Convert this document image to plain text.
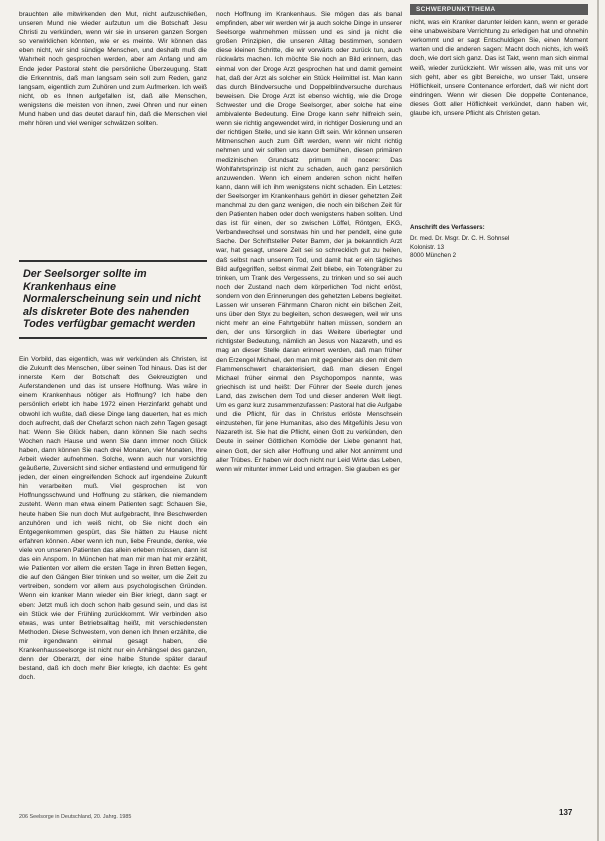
brauchten alle mitwirkenden den Mut, nicht aufzuschließen, unseren Mund nie wieder aufzutun um die Botschaft Jesu Christi zu verkünden, wenn wir sie in unseren ganzen Sorgen so verwirklichen könnten, wie er es meinte. Wir können das eben nicht, wir sind sündige Menschen, und deshalb muß die Wahrheit noch gesprochen werden, aber am Anfang und am Ende jeder Pastoral steht die persönliche Überzeugung. Statt die Erkenntnis, daß man langsam sein soll zum Reden, ganz langsam, eigentlich zum Zuhören und zum Aufmerken. Ich weiß nicht, ob es Ihnen aufgefallen ist, daß alle Menschen, wenigstens die meisten von ihnen, zwei Ohren und nur einen Mund haben und das deutet darauf hin, daß die Menschen viel mehr hören und viel weniger schwätzen sollten.
Der Seelsorger sollte im Krankenhaus eine Normalerscheinung sein und nicht als diskreter Bote des nahenden Todes verfügbar gemacht werden
Ein Vorbild, das eigentlich, was wir verkünden als Christen, ist die Zukunft des Menschen, über seinen Tod hinaus. Das ist der innerste Kern der Botschaft des Gekreuzigten und Auferstandenen und das ist unsere Hoffnung. Was wäre in einem Krankenhaus nötiger als Hoffnung? Ich habe den persönlich erlebt ich habe 1972 einen Herzinfarkt gehabt und obwohl ich wußte, daß diese Dinge lang dauerten, hat es mich doch aufrecht, daß der Chefarzt schon nach zehn Tagen gesagt hat: Wenn Sie Glück haben, dann können Sie nach sechs Wochen nach Hause und wenn Sie dann immer noch Glück haben, dann können Sie nach drei Monaten, vier Monaten, Ihre Arbeit wieder aufnehmen. Solche, wenn auch nur vorsichtig geäußerte, Zuversicht sind sicher entlastend und ermutigend für jeden, der einen eingreifenden Schock auf irgendeine Zukunft hin verarbeiten muß. Viel gesprochen ist von Hoffnungsschwund und Hoffnung zu stärken, die niemandem zusteht. Wenn man etwa einem Patienten sagt: Schauen Sie, heute haben Sie nun doch Mut aufgebracht, Ihre Beschwerden anzuhören und ich weiß nicht, ob Sie nicht doch ein Entgegenkommen gespürt, das Sie hätten zu Hause nicht erfahren können. Aber wenn ich nun, liebe Freunde, denke, wie viele von unseren Patienten das allein erleben müssen, dann ist das ein Ansporn. In München hat man mir man hat mir erzählt, wie Patienten vor allem die ersten Tage in ihren Betten liegen, die auf den Gängen Bier trinken und so weiter, um die Zeit zu vertreiben, sondern vor allem aus psychologischen Gründen. Wenn ein kranker Mann wieder ein Bier kriegt, dann sagt er eben: Jetzt muß ich doch schon halb gesund sein, und das ist ein Stück wie der Frühling zurückkommt. Wir verbinden also etwas, was unter Betriebsalltag heißt, mit verschiedensten Methoden. Diese Schwestern, von denen ich Ihnen erzählte, die mir irgendwann einmal gesagt haben, die Krankenhausseelsorge ist nicht nur ein Anhängsel des ganzen, denn der Oberarzt, der eine halbe Stunde später darauf bestand, daß ich doch mehr Bier kriegte, ich dachte: Es geht doch.
noch Hoffnung im Krankenhaus. Sie mögen das als banal empfinden, aber wir werden wir ja auch solche Dinge in unserer Seelsorge wahrnehmen müssen und es sind ja nicht die großen Prinzipien, die unseren Alltag bestimmen, sondern diese kleinen Schritte, die wir vorwärts oder zurück tun, auch rückwärts machen. Ich möchte Sie noch an Bild erinnern, das einmal von der Droge Arzt gesprochen hat und damit gemeint hat, daß der Arzt als solcher ein Stück Heilmittel ist. Man kann das durch Blindversuche und Doppelblindversuche durchaus beweisen. Die Droge Arzt ist ebenso wichtig, wie die Droge Schwester und die Droge Seelsorger, aber solche hat eine ambivalente Bedeutung. Eine Droge kann sehr hilfreich sein, wenn sie richtig angewendet wird, in richtiger Dosierung und an der richtigen Stelle, und sie kann Gift sein. Wir können unseren Mitmenschen auch zum Gift werden, wenn wir nicht richtig nehmen und wir sollten uns davor bemühen, diesen primären medizinischen Grundsatz primum nil nocere: Das Wohlfahrtsprinzip ist nicht zu schaden, auch ganz persönlich anzuwenden. Wenn ich einem anderen schon nicht helfen kann, dann will ich ihm wenigstens nicht schaden. Ein Letztes: der Seelsorger im Krankenhaus gehört in dieser gehetzten Zeit manchmal zu den ganz wenigen, die noch ein bißchen Zeit für den Patienten haben oder doch wenigstens haben sollten. Und das ist für einen, der so zwischen Löffel, Röntgen, EKG, Verbandwechsel und sonstwas hin und her pendelt, eine gute Sache. Der Schriftsteller Peter Bamm, der ja bekanntlich Arzt war, hat gesagt, unsere Zeit sei so schrecklich gut zu heilen, daß selbst nach unserem Tod, und damit hat er ein tägliches Bild aufgegriffen, selbst einmal Zeit bliebe, ein Totengräber zu trinken, um Trank des Vergessens, zu trinken und so sei auch noch der Zustand nach dem körperlichen Tod nicht erlöst, sondern von den Erinnerungen des gehetzten Lebens begleitet. Lassen wir unseren Fährmann Charon nicht ein bißchen Zeit, uns über den Styx zu begleiten, schon deswegen, weil wir uns nicht mehr an eine Fahrtgebühr halten müssen, sondern an den, der uns fürsorglich in das Weitere überlegter und richtigster Bedeutung, nämlich an Jesus von Nazareth, und es mag an dieser Stelle daran erinnert werden, daß man früher den Erzengel Michael, den man mit gegenüber als den mit dem Flammenschwert charakterisiert, daß man diesen Engel Michael früher einmal den Psychopompos nannte, was griechisch ist und heißt: Der Führer der Seele durch jenes Land, das zwischen dem Tod und dieser anderen Welt liegt. Um es ganz kurz zusammenzufassen: Pastoral hat die Aufgabe und die Pflicht, für das in Christus erlöste Menschsein einzustehen, für jene Humanitas, also des Mitgefühls Jesu von Nazareth ist. Sie hat die Pflicht, einen Gott zu verkünden, den Deute in seiner Göttlichen Komödie der Liebe genannt hat, einen Gott, der sich aller Hoffnung und aller Not annimmt und aller Trübes. Er haben wir doch nicht nur Leid Wirte das Leben, wenn wir mitunter immer Leid und ertragen. Sie glauben es ger
SCHWERPUNKTTHEMA
nicht, was ein Kranker darunter leiden kann, wenn er gerade eine unabweisbare Verrichtung zu erledigen hat und ohnehin verkommt und er sagt Entschuldigen Sie, einen Moment warten und die anderen sagen: Macht doch nichts, ich weiß doch, wie dort sich ganz. Das ist Takt, wenn man sich einmal weiß, wieder zurückzieht. Wir wissen alle, was mit uns vor sich geht, aber es gibt Bereiche, wo unser Takt, unsere Höflichkeit, unsere Contenance erfordert, daß wir nicht dort eindringen. Wenn wir diesen Die doppelte Contenance, dieses Gott aller Höflichkeit verkündet, dann haben wir, glaube ich, unsere Pflicht als Christen getan.
Anschrift des Verfassers:
Dr. med. Dr. Msgr. Dr. C. H. Sohnsel
Kolonistr. 13
8000 München 2
206 Seelsorge in Deutschland, 20. Jahrg. 1985	137
